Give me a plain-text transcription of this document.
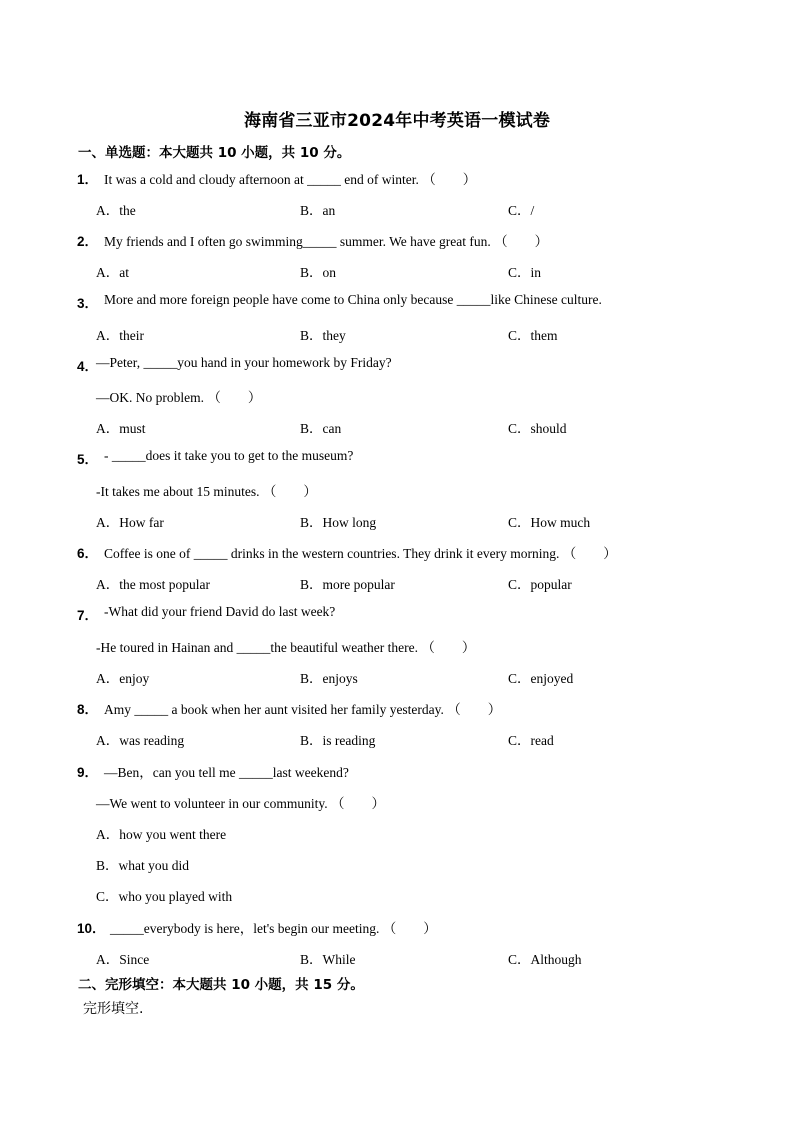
海南省三亚市2024年中考英语一模试卷
一、单选题：本大题共 10 小题，共 10 分。
1． It was a cold and cloudy afternoon at _____ end of winter. （　　）
A．the	B．an	C．/
2． My friends and I often go swimming_____ summer. We have great fun. （　　）
A．at	B．on	C．in
3． More and more foreign people have come to China only because _____like Chinese culture.
A．their	B．they	C．them
4．
—Peter, _____you hand in your homework by Friday?
—OK. No problem. （　　）
A．must	B．can	C．should
5． - _____does it take you to get to the museum?
-It takes me about 15 minutes. （　　）
A．How far	B．How long	C．How much
6． Coffee is one of _____ drinks in the western countries. They drink it every morning. （　　）
A．the most popular	B．more popular	C．popular
7． -What did your friend David do last week?
-He toured in Hainan and _____the beautiful weather there. （　　）
A．enjoy	B．enjoys	C．enjoyed
8． Amy _____ a book when her aunt visited her family yesterday. （　　）
A．was reading	B．is reading	C．read
9． —Ben，can you tell me _____last weekend?
—We went to volunteer in our community. （　　）
A．how you went there
B．what you did
C．who you played with
10． _____everybody is here，let's begin our meeting. （　　）
A．Since	B．While	C．Although
二、完形填空：本大题共 10 小题，共 15 分。
完形填空.
